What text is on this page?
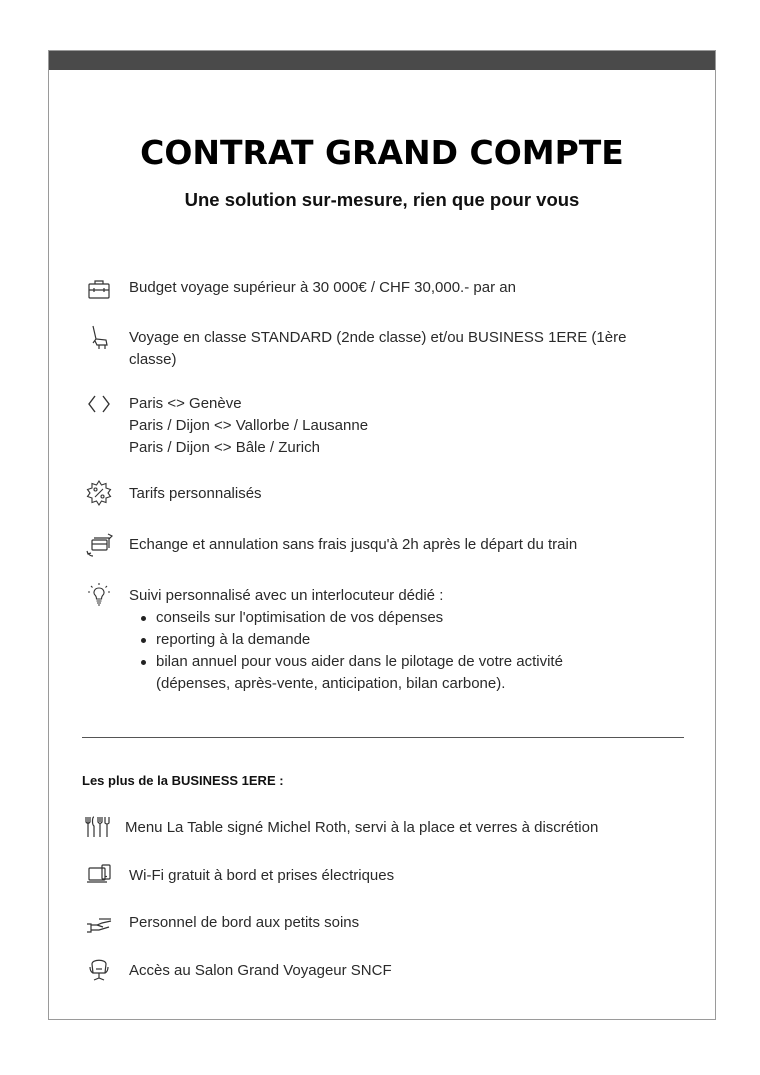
CONTRAT GRAND COMPTE

Une solution sur-mesure, rien que pour vous

Budget voyage supérieur à 30 000€ / CHF 30,000.- par an
Voyage en classe STANDARD (2nde classe) et/ou BUSINESS 1ERE (1ère
classe)
Paris <> Genève
Paris / Dijon <> Vallorbe / Lausanne
Paris / Dijon <> Bâle / Zurich
Tarifs personnalisés
Echange et annulation sans frais jusqu'à 2h après le départ du train
Suivi personnalisé avec un interlocuteur dédié :
conseils sur l'optimisation de vos dépenses
reporting à la demande
bilan annuel pour vous aider dans le pilotage de votre activité
(dépenses, après-vente, anticipation, bilan carbone).
Les plus de la BUSINESS 1ERE :
Menu La Table signé Michel Roth, servi à la place et verres à discrétion
Wi-Fi gratuit à bord et prises électriques
Personnel de bord aux petits soins
Accès au Salon Grand Voyageur SNCF
